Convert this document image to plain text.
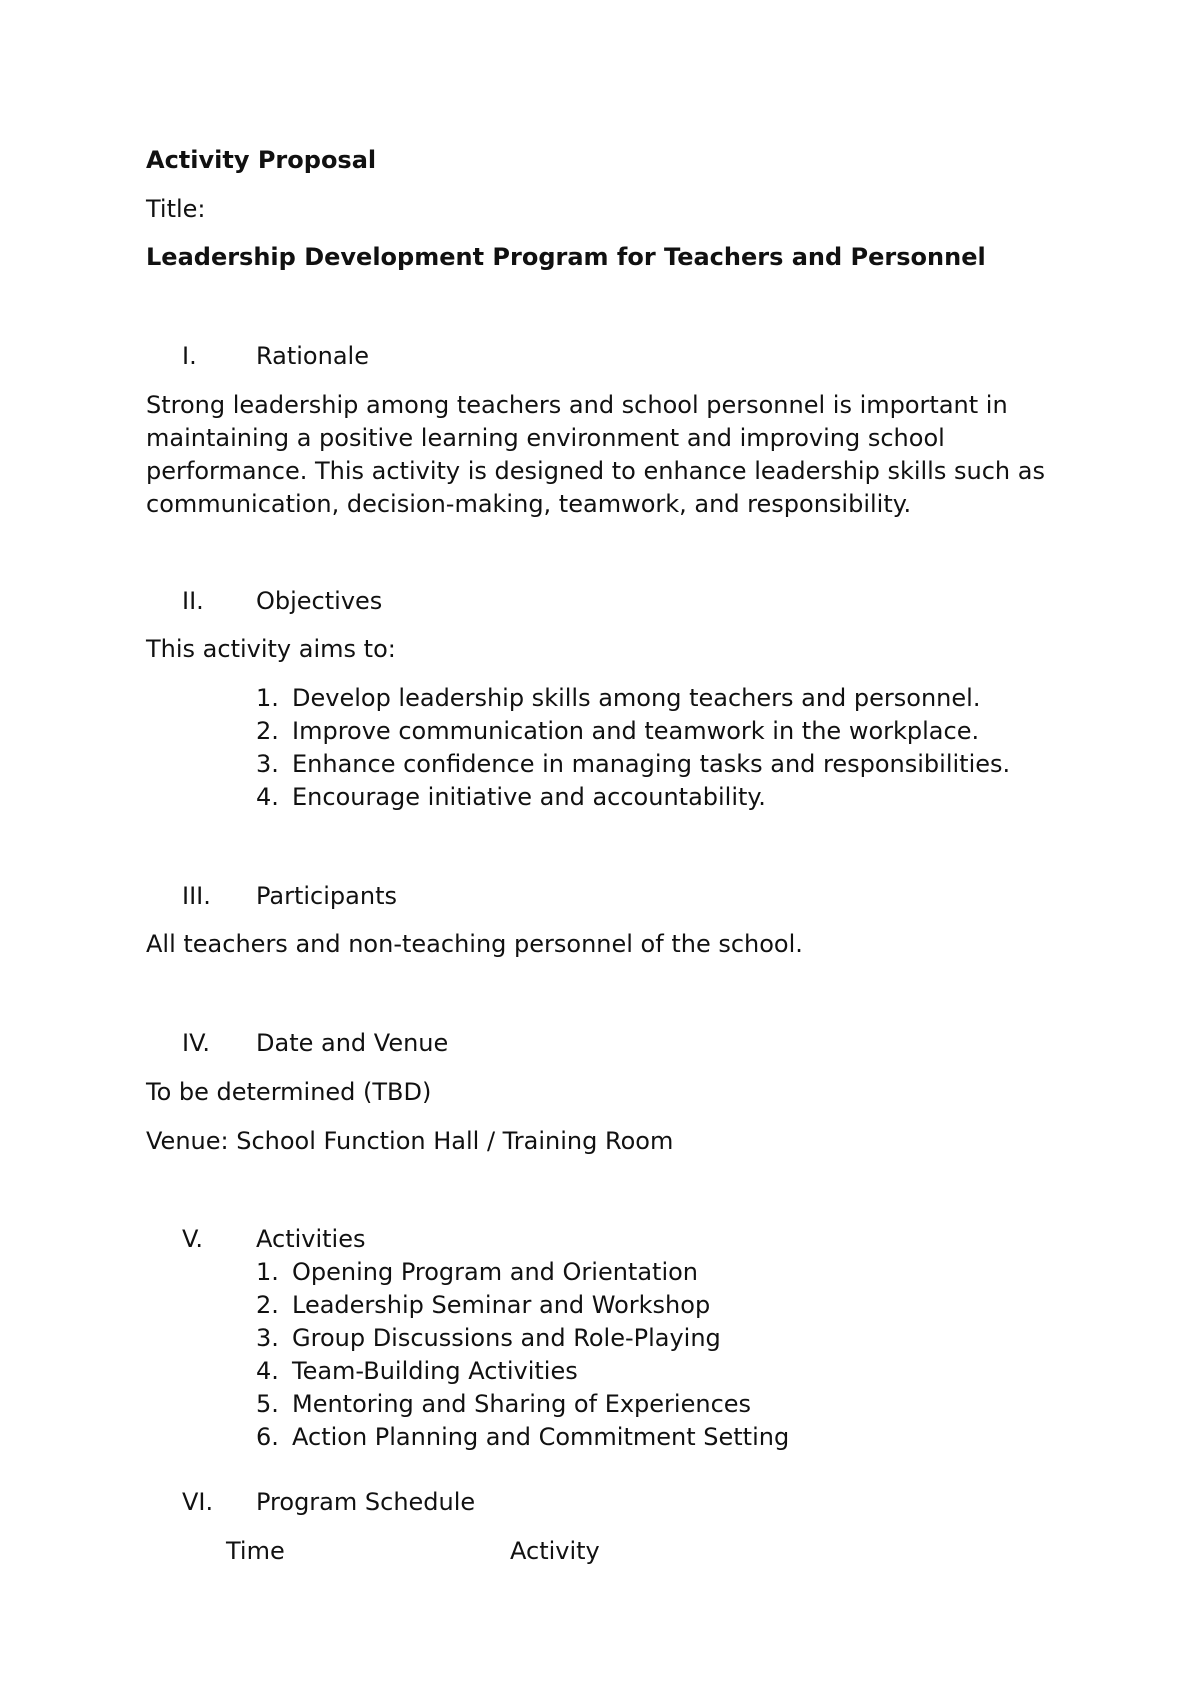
Activity Proposal
Title:
Leadership Development Program for Teachers and Personnel
I. Rationale
Strong leadership among teachers and school personnel is important in maintaining a positive learning environment and improving school performance. This activity is designed to enhance leadership skills such as communication, decision-making, teamwork, and responsibility.
II. Objectives
This activity aims to:
1. Develop leadership skills among teachers and personnel.
2. Improve communication and teamwork in the workplace.
3. Enhance confidence in managing tasks and responsibilities.
4. Encourage initiative and accountability.
III. Participants
All teachers and non-teaching personnel of the school.
IV. Date and Venue
To be determined (TBD)
Venue: School Function Hall / Training Room
V. Activities
1. Opening Program and Orientation
2. Leadership Seminar and Workshop
3. Group Discussions and Role-Playing
4. Team-Building Activities
5. Mentoring and Sharing of Experiences
6. Action Planning and Commitment Setting
VI. Program Schedule
Time	Activity
